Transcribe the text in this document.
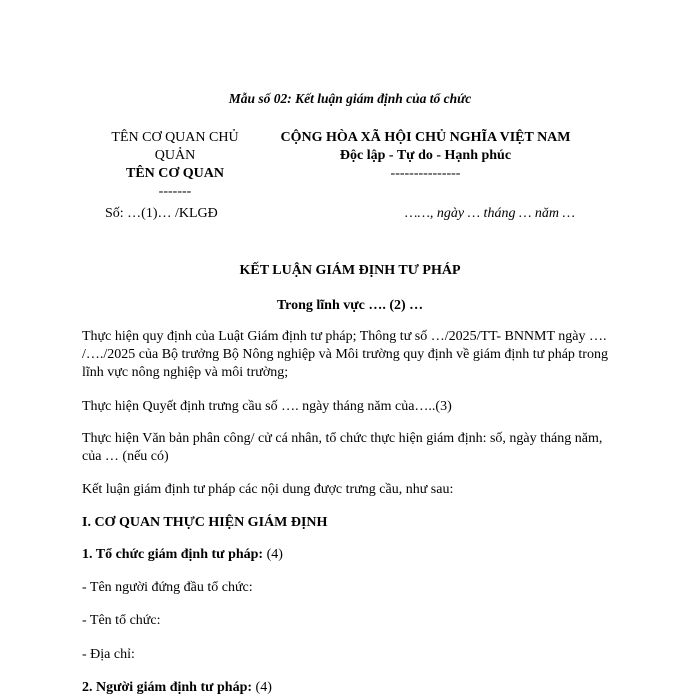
Mẫu số 02: Kết luận giám định của tổ chức
TÊN CƠ QUAN CHỦ
QUẢN
TÊN CƠ QUAN
-------
CỘNG HÒA XÃ HỘI CHỦ NGHĨA VIỆT NAM
Độc lập - Tự do - Hạnh phúc
---------------
Số: …(1)… /KLGĐ	……, ngày … tháng … năm …
KẾT LUẬN GIÁM ĐỊNH TƯ PHÁP
Trong lĩnh vực …. (2) …
Thực hiện quy định của Luật Giám định tư pháp; Thông tư số …/2025/TT- BNNMT ngày …. /…./2025 của Bộ trưởng Bộ Nông nghiệp và Môi trường quy định về giám định tư pháp trong lĩnh vực nông nghiệp và môi trường;
Thực hiện Quyết định trưng cầu số …. ngày tháng năm của…..(3)
Thực hiện Văn bản phân công/ cử cá nhân, tổ chức thực hiện giám định: số, ngày tháng năm, của … (nếu có)
Kết luận giám định tư pháp các nội dung được trưng cầu, như sau:
I. CƠ QUAN THỰC HIỆN GIÁM ĐỊNH
1. Tổ chức giám định tư pháp: (4)
- Tên người đứng đầu tổ chức:
- Tên tổ chức:
- Địa chỉ:
2. Người giám định tư pháp: (4)
